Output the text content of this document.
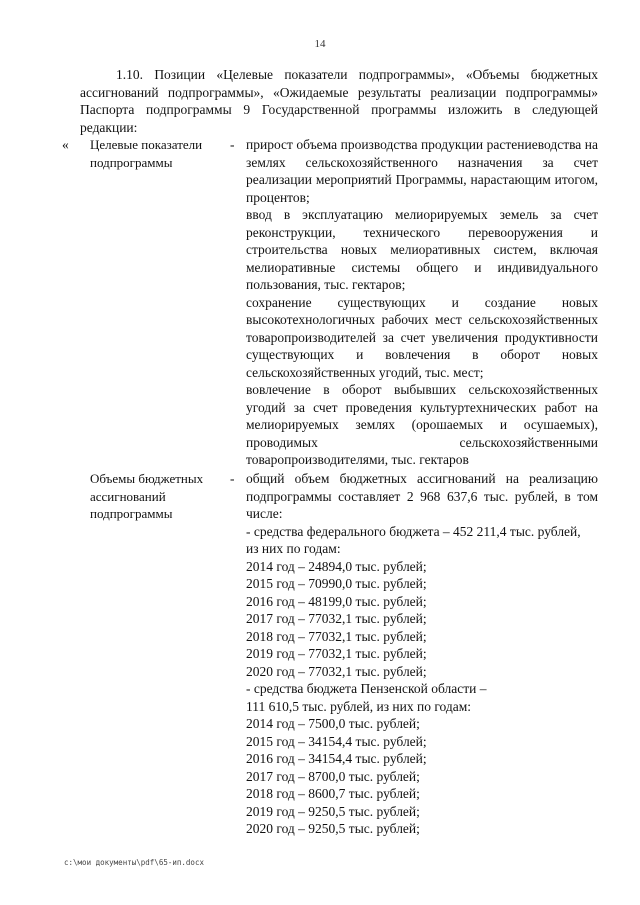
14
1.10. Позиции «Целевые показатели подпрограммы», «Объемы бюджетных ассигнований подпрограммы», «Ожидаемые результаты реализации подпрограммы» Паспорта подпрограммы 9 Государственной программы изложить в следующей редакции:
«	Целевые показатели подпрограммы
- прирост объема производства продукции растениеводства на землях сельскохозяйственного назначения за счет реализации мероприятий Программы, нарастающим итогом, процентов;

ввод в эксплуатацию мелиорируемых земель за счет реконструкции, технического перевооружения и строительства новых мелиоративных систем, включая мелиоративные системы общего и индивидуального пользования, тыс. гектаров;

сохранение существующих и создание новых высокотехнологичных рабочих мест сельскохозяйственных товаропроизводителей за счет увеличения продуктивности существующих и вовлечения в оборот новых сельскохозяйственных угодий, тыс. мест;

вовлечение в оборот выбывших сельскохозяйственных угодий за счет проведения культуртехнических работ на мелиорируемых землях (орошаемых и осушаемых), проводимых сельскохозяйственными товаропроизводителями, тыс. гектаров

Объемы бюджетных ассигнований подпрограммы
- общий объем бюджетных ассигнований на реализацию подпрограммы составляет 2 968 637,6 тыс. рублей, в том числе:

- средства федерального бюджета – 452 211,4 тыс. рублей,

из них по годам:

2014 год – 24894,0 тыс. рублей;

2015 год – 70990,0 тыс. рублей;

2016 год – 48199,0 тыс. рублей;

2017 год – 77032,1 тыс. рублей;

2018 год – 77032,1 тыс. рублей;

2019 год – 77032,1 тыс. рублей;

2020 год – 77032,1 тыс. рублей;

- средства бюджета Пензенской области –

111 610,5 тыс. рублей, из них по годам:

2014 год – 7500,0 тыс. рублей;

2015 год – 34154,4 тыс. рублей;

2016 год – 34154,4 тыс. рублей;

2017 год – 8700,0 тыс. рублей;

2018 год – 8600,7 тыс. рублей;

2019 год – 9250,5 тыс. рублей;

2020 год – 9250,5 тыс. рублей;

c:\мои документы\pdf\65-ип.docx
